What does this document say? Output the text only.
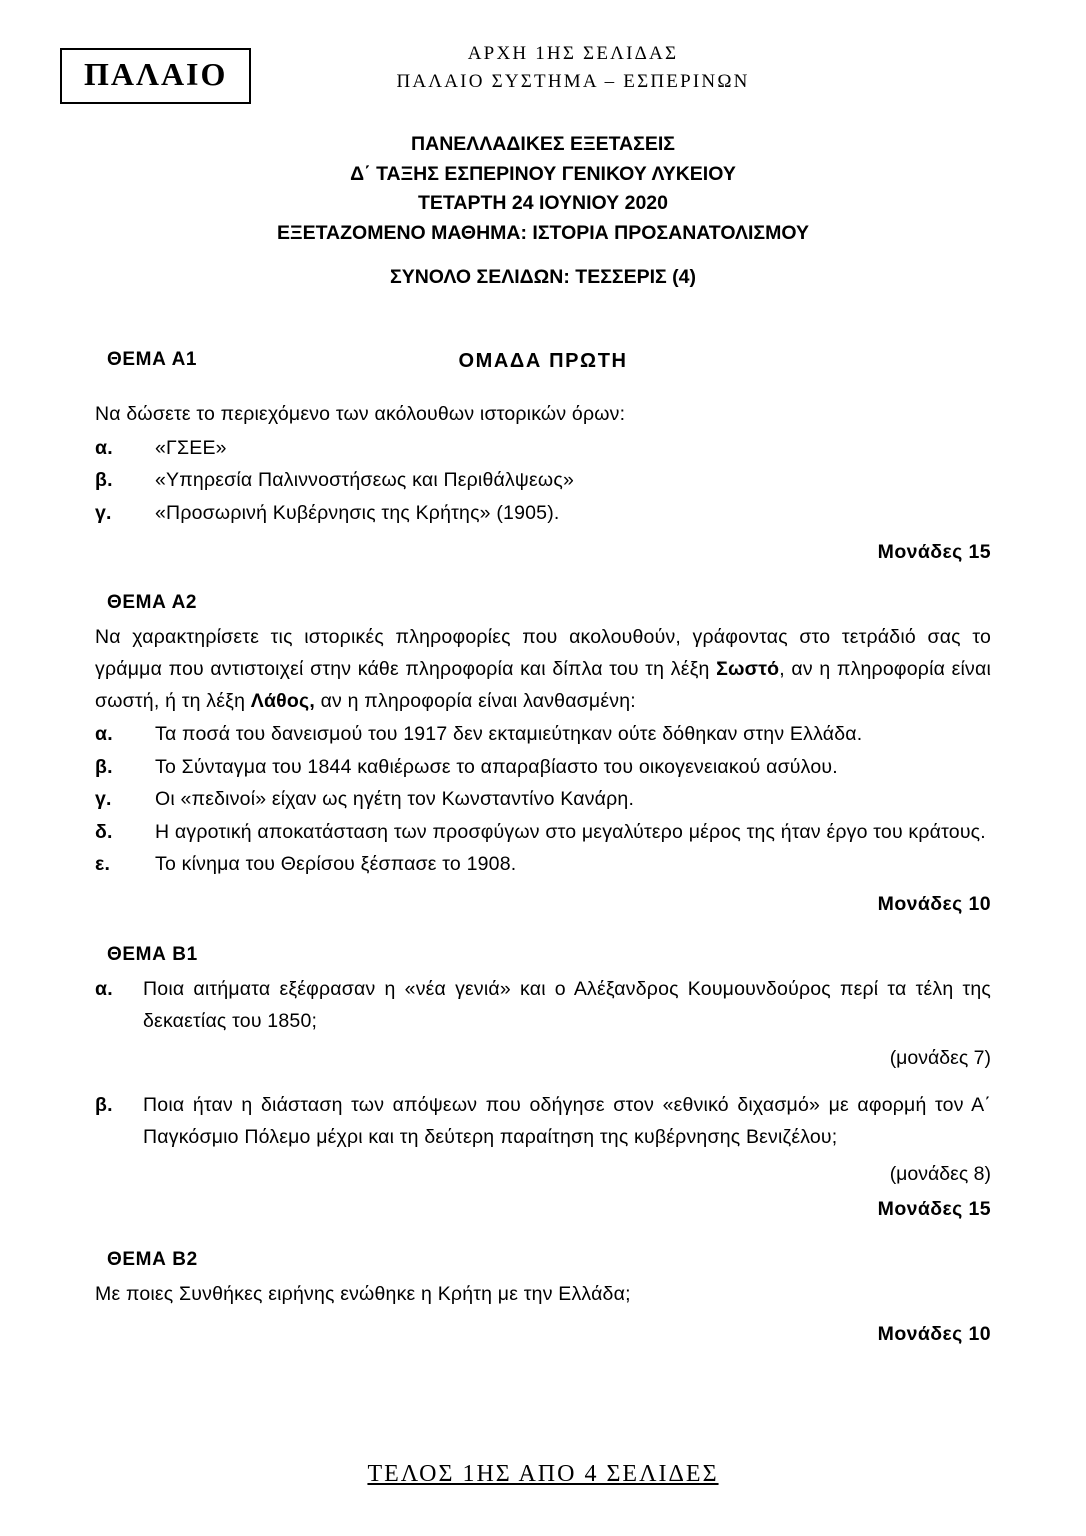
ΠΑΛΑΙΟ
ΑΡΧΗ 1ΗΣ ΣΕΛΙΔΑΣ
ΠΑΛΑΙΟ ΣΥΣΤΗΜΑ – ΕΣΠΕΡΙΝΩΝ
ΠΑΝΕΛΛΑΔΙΚΕΣ ΕΞΕΤΑΣΕΙΣ
Δ΄ ΤΑΞΗΣ ΕΣΠΕΡΙΝΟΥ ΓΕΝΙΚΟΥ ΛΥΚΕΙΟΥ
ΤΕΤΑΡΤΗ 24 ΙΟΥΝΙΟΥ 2020
ΕΞΕΤΑΖΟΜΕΝΟ ΜΑΘΗΜΑ: ΙΣΤΟΡΙΑ ΠΡΟΣΑΝΑΤΟΛΙΣΜΟΥ
ΣΥΝΟΛΟ ΣΕΛΙΔΩΝ: ΤΕΣΣΕΡΙΣ (4)
ΟΜΑΔΑ ΠΡΩΤΗ
ΘΕΜΑ Α1

Να δώσετε το περιεχόμενο των ακόλουθων ιστορικών όρων:

α.	«ΓΣΕΕ»
β.	«Υπηρεσία Παλιννοστήσεως και Περιθάλψεως»
γ.	«Προσωρινή Κυβέρνησις της Κρήτης» (1905).
Μονάδες 15
ΘΕΜΑ Α2

Να χαρακτηρίσετε τις ιστορικές πληροφορίες που ακολουθούν, γράφοντας στο τετράδιό σας το γράμμα που αντιστοιχεί στην κάθε πληροφορία και δίπλα του τη λέξη Σωστό, αν η πληροφορία είναι σωστή, ή τη λέξη Λάθος, αν η πληροφορία είναι λανθασμένη:

α.	Τα ποσά του δανεισμού του 1917 δεν εκταμιεύτηκαν ούτε δόθηκαν στην Ελλάδα.
β.	Το Σύνταγμα του 1844 καθιέρωσε το απαραβίαστο του οικογενειακού ασύλου.
γ.	Οι «πεδινοί» είχαν ως ηγέτη τον Κωνσταντίνο Κανάρη.
δ.	Η αγροτική αποκατάσταση των προσφύγων στο μεγαλύτερο μέρος της ήταν έργο του κράτους.
ε.	Το κίνημα του Θερίσου ξέσπασε το 1908.
Μονάδες 10
ΘΕΜΑ Β1
α.	Ποια αιτήματα εξέφρασαν η «νέα γενιά» και ο Αλέξανδρος Κουμουνδούρος περί τα τέλη της δεκαετίας του 1850;
(μονάδες 7)
β.	Ποια ήταν η διάσταση των απόψεων που οδήγησε στον «εθνικό διχασμό» με αφορμή τον Α΄ Παγκόσμιο Πόλεμο μέχρι και τη δεύτερη παραίτηση της κυβέρνησης Βενιζέλου;
(μονάδες 8)
Μονάδες 15
ΘΕΜΑ Β2

Με ποιες Συνθήκες ειρήνης ενώθηκε η Κρήτη με την Ελλάδα;

Μονάδες 10
ΤΕΛΟΣ 1ΗΣ ΑΠΟ 4 ΣΕΛΙΔΕΣ
